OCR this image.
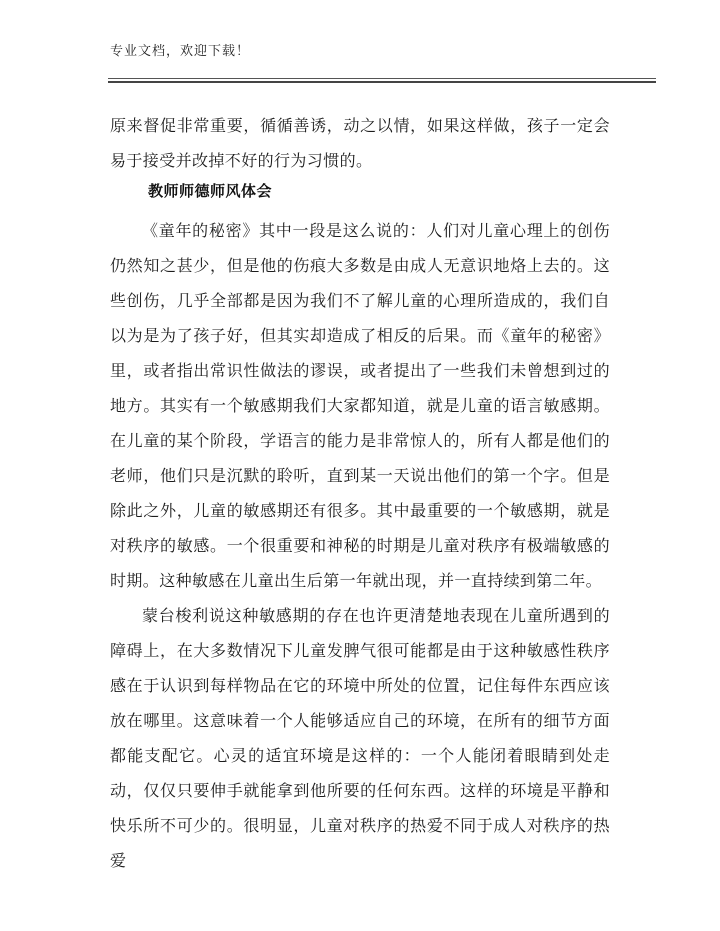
专业文档，欢迎下载！

原来督促非常重要，循循善诱，动之以情，如果这样做，孩子一定会易于接受并改掉不好的行为习惯的。

教师师德师风体会

《童年的秘密》其中一段是这么说的：人们对儿童心理上的创伤仍然知之甚少，但是他的伤痕大多数是由成人无意识地烙上去的。这些创伤，几乎全部都是因为我们不了解儿童的心理所造成的，我们自以为是为了孩子好，但其实却造成了相反的后果。而《童年的秘密》里，或者指出常识性做法的谬误，或者提出了一些我们未曾想到过的地方。其实有一个敏感期我们大家都知道，就是儿童的语言敏感期。在儿童的某个阶段，学语言的能力是非常惊人的，所有人都是他们的老师，他们只是沉默的聆听，直到某一天说出他们的第一个字。但是除此之外，儿童的敏感期还有很多。其中最重要的一个敏感期，就是对秩序的敏感。一个很重要和神秘的时期是儿童对秩序有极端敏感的时期。这种敏感在儿童出生后第一年就出现，并一直持续到第二年。

蒙台梭利说这种敏感期的存在也许更清楚地表现在儿童所遇到的障碍上，在大多数情况下儿童发脾气很可能都是由于这种敏感性秩序感在于认识到每样物品在它的环境中所处的位置，记住每件东西应该放在哪里。这意味着一个人能够适应自己的环境，在所有的细节方面都能支配它。心灵的适宜环境是这样的：一个人能闭着眼睛到处走动，仅仅只要伸手就能拿到他所要的任何东西。这样的环境是平静和快乐所不可少的。很明显，儿童对秩序的热爱不同于成人对秩序的热爱
